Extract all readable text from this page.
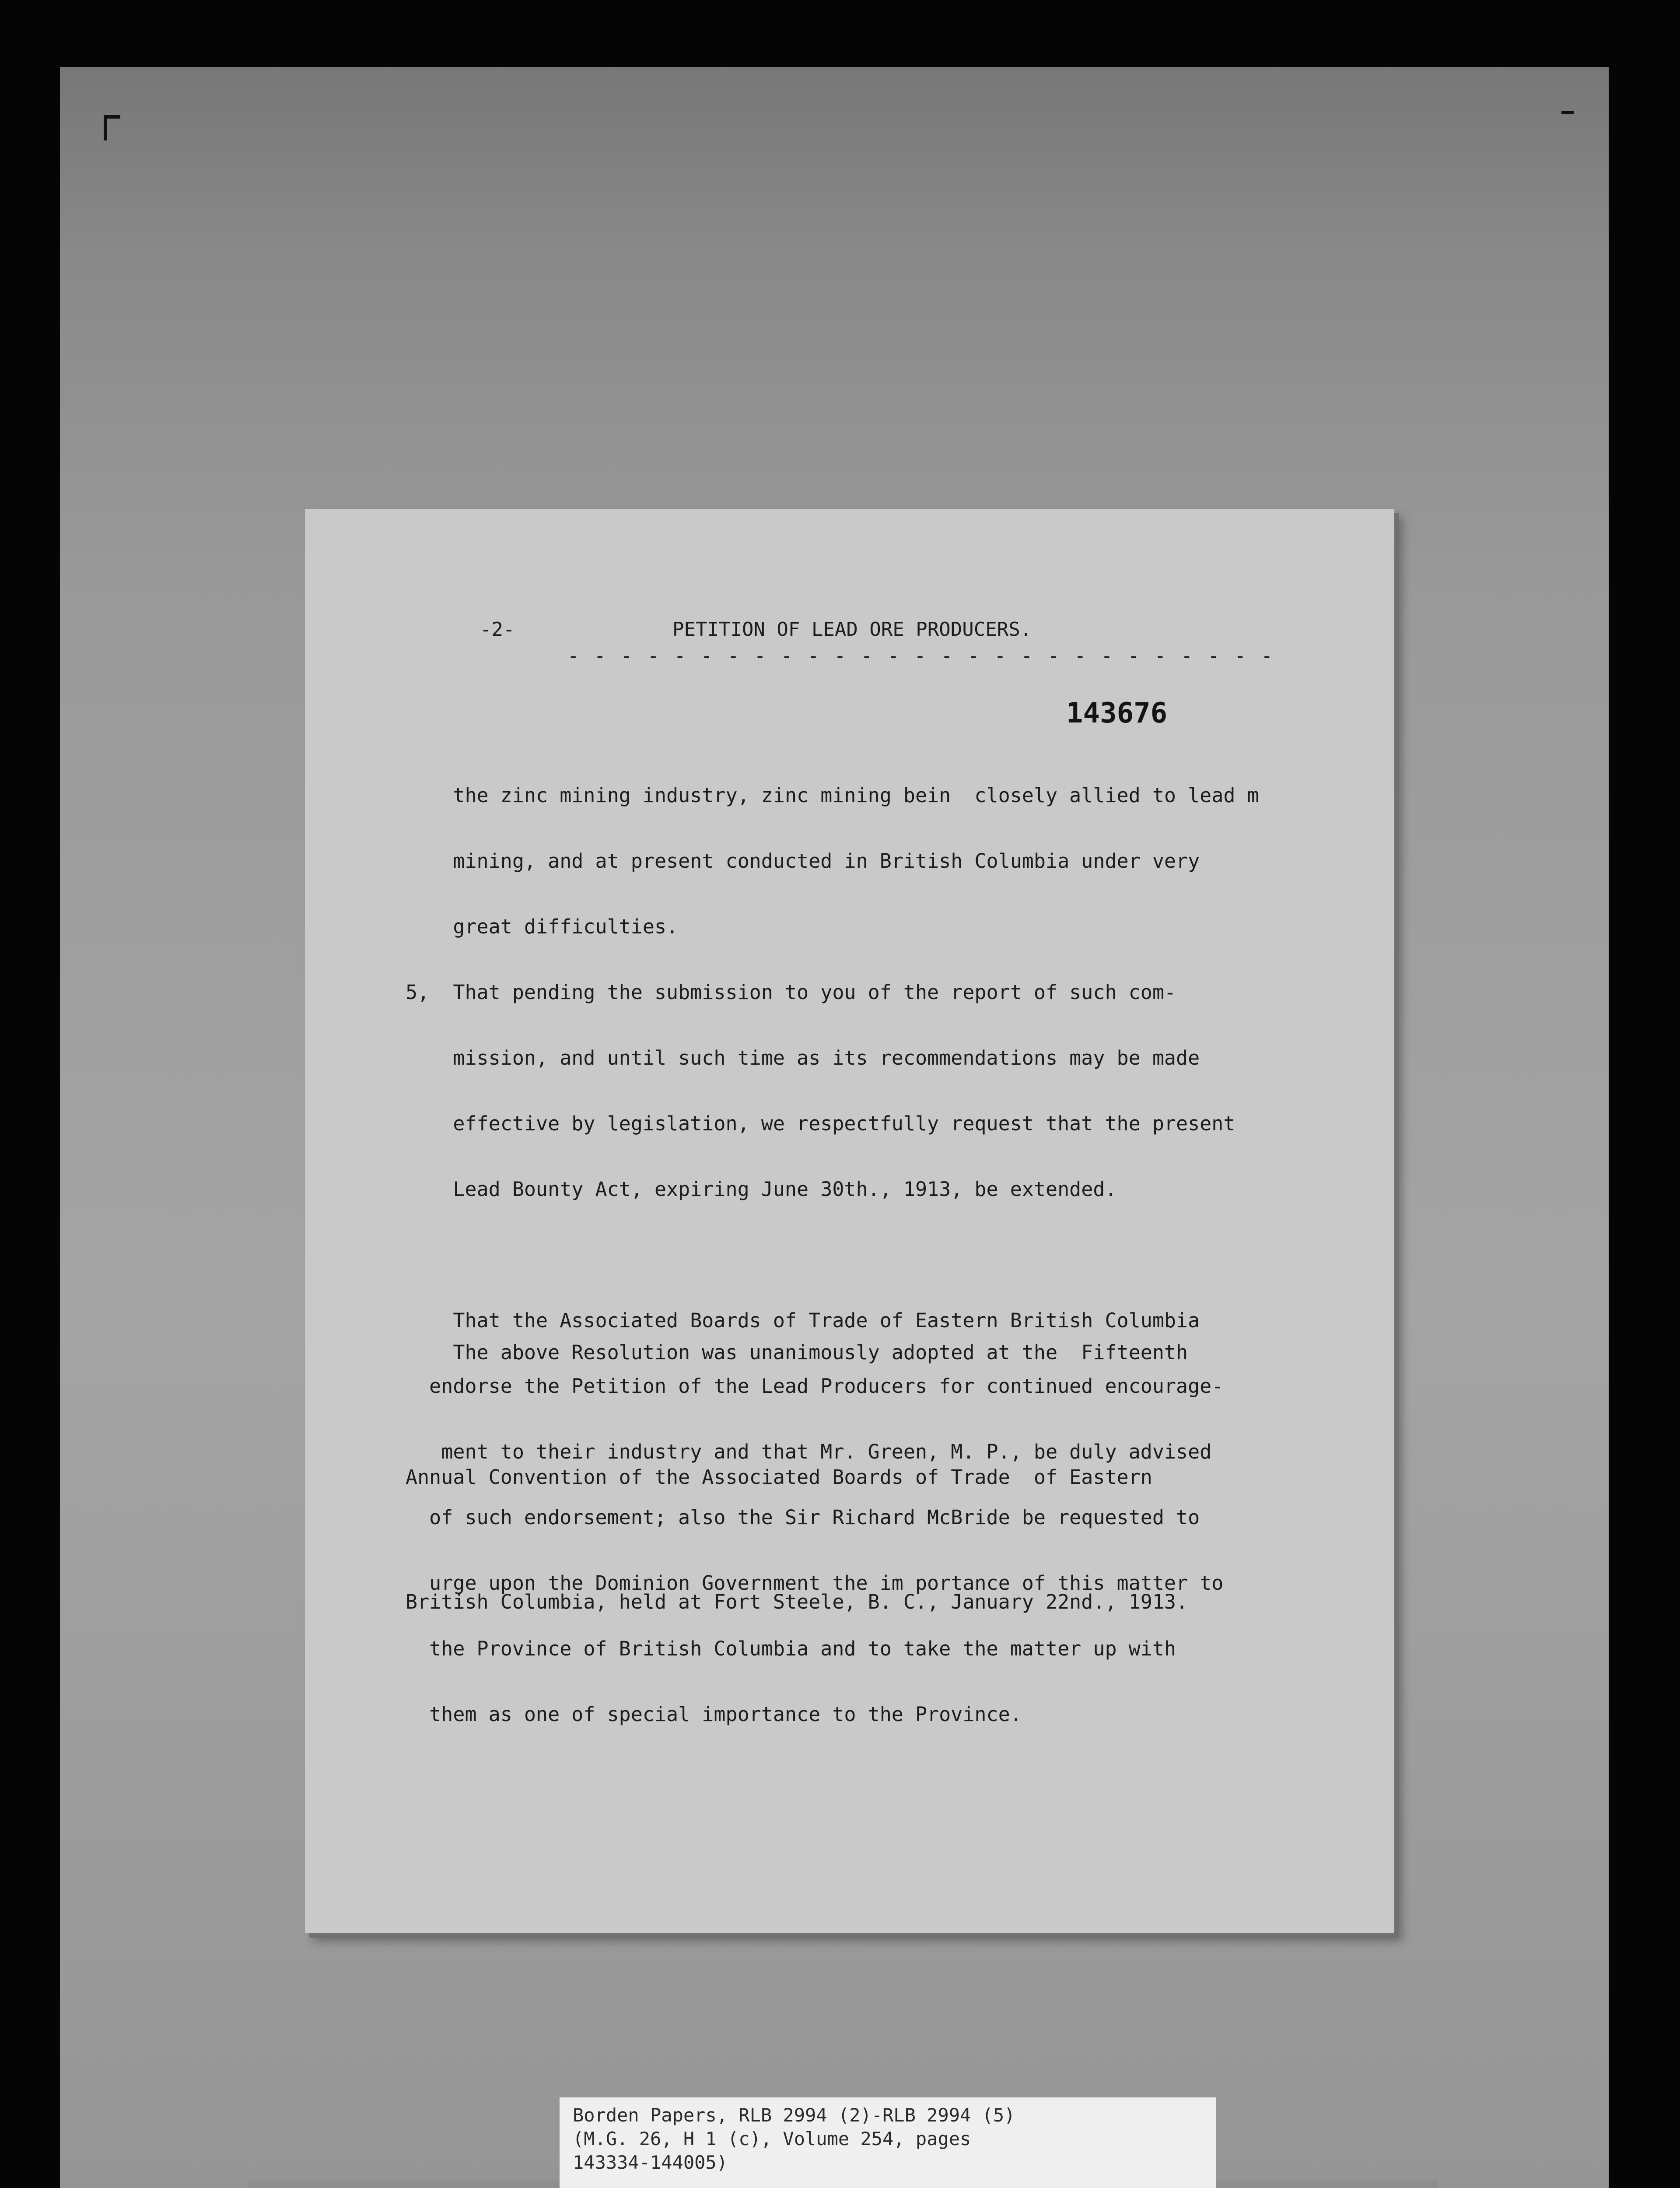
-2-	PETITION OF LEAD ORE PRODUCERS.
- - - - - - - - - - - - - - - - - - - - - - - - - - -
143676

the zinc mining industry, zinc mining bein  closely allied to lead m

mining, and at present conducted in British Columbia under very

great difficulties.

5,  That pending the submission to you of the report of such com-

mission, and until such time as its recommendations may be made

effective by legislation, we respectfully request that the present

Lead Bounty Act, expiring June 30th., 1913, be extended.

That the Associated Boards of Trade of Eastern British Columbia

endorse the Petition of the Lead Producers for continued encourage-

ment to their industry and that Mr. Green, M. P., be duly advised

of such endorsement; also the Sir Richard McBride be requested to

urge upon the Dominion Government the im portance of this matter to

the Province of British Columbia and to take the matter up with

them as one of special importance to the Province.

The above Resolution was unanimously adopted at the  Fifteenth

Annual Convention of the Associated Boards of Trade  of Eastern

British Columbia, held at Fort Steele, B. C., January 22nd., 1913.

Borden Papers, RLB 2994 (2)-RLB 2994 (5)
(M.G. 26, H 1 (c), Volume 254, pages
143334-144005)
